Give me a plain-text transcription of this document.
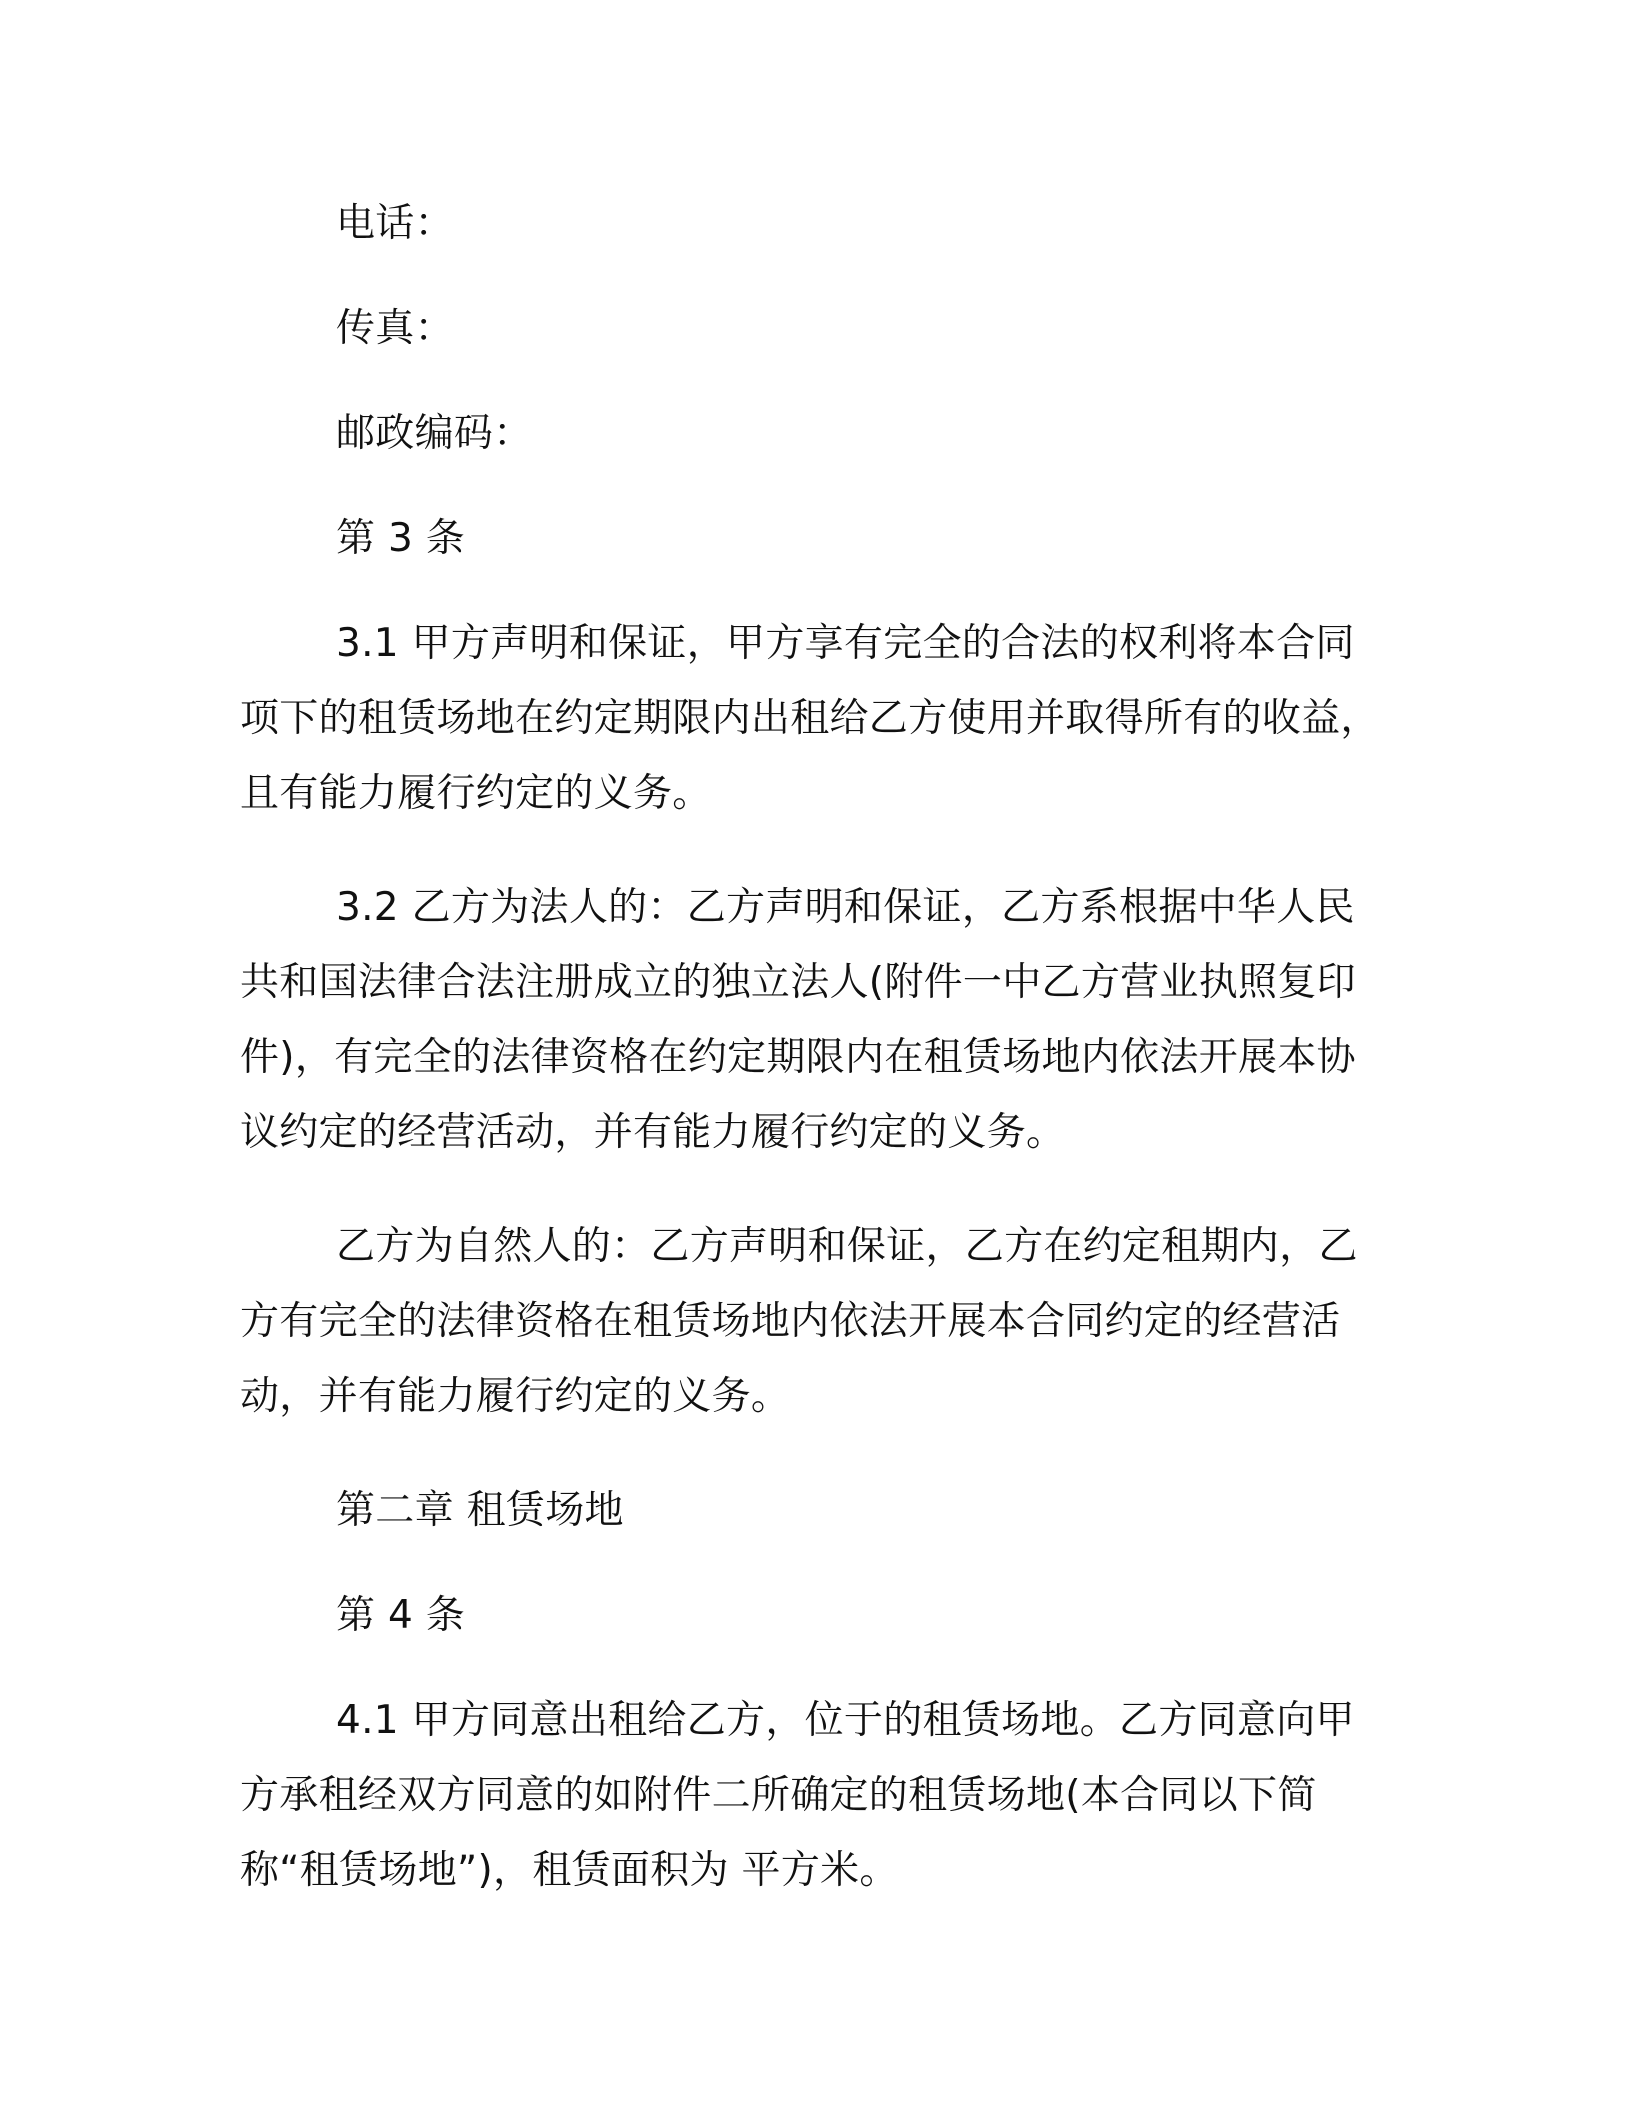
电话：

传真：

邮政编码：

第 3 条

3.1 甲方声明和保证，甲方享有完全的合法的权利将本合同项下的租赁场地在约定期限内出租给乙方使用并取得所有的收益，且有能力履行约定的义务。

3.2 乙方为法人的：乙方声明和保证，乙方系根据中华人民共和国法律合法注册成立的独立法人(附件一中乙方营业执照复印件)，有完全的法律资格在约定期限内在租赁场地内依法开展本协议约定的经营活动，并有能力履行约定的义务。

乙方为自然人的：乙方声明和保证，乙方在约定租期内，乙方有完全的法律资格在租赁场地内依法开展本合同约定的经营活动，并有能力履行约定的义务。

第二章 租赁场地

第 4 条

4.1 甲方同意出租给乙方，位于的租赁场地。乙方同意向甲方承租经双方同意的如附件二所确定的租赁场地(本合同以下简称“租赁场地”)，租赁面积为 平方米。
